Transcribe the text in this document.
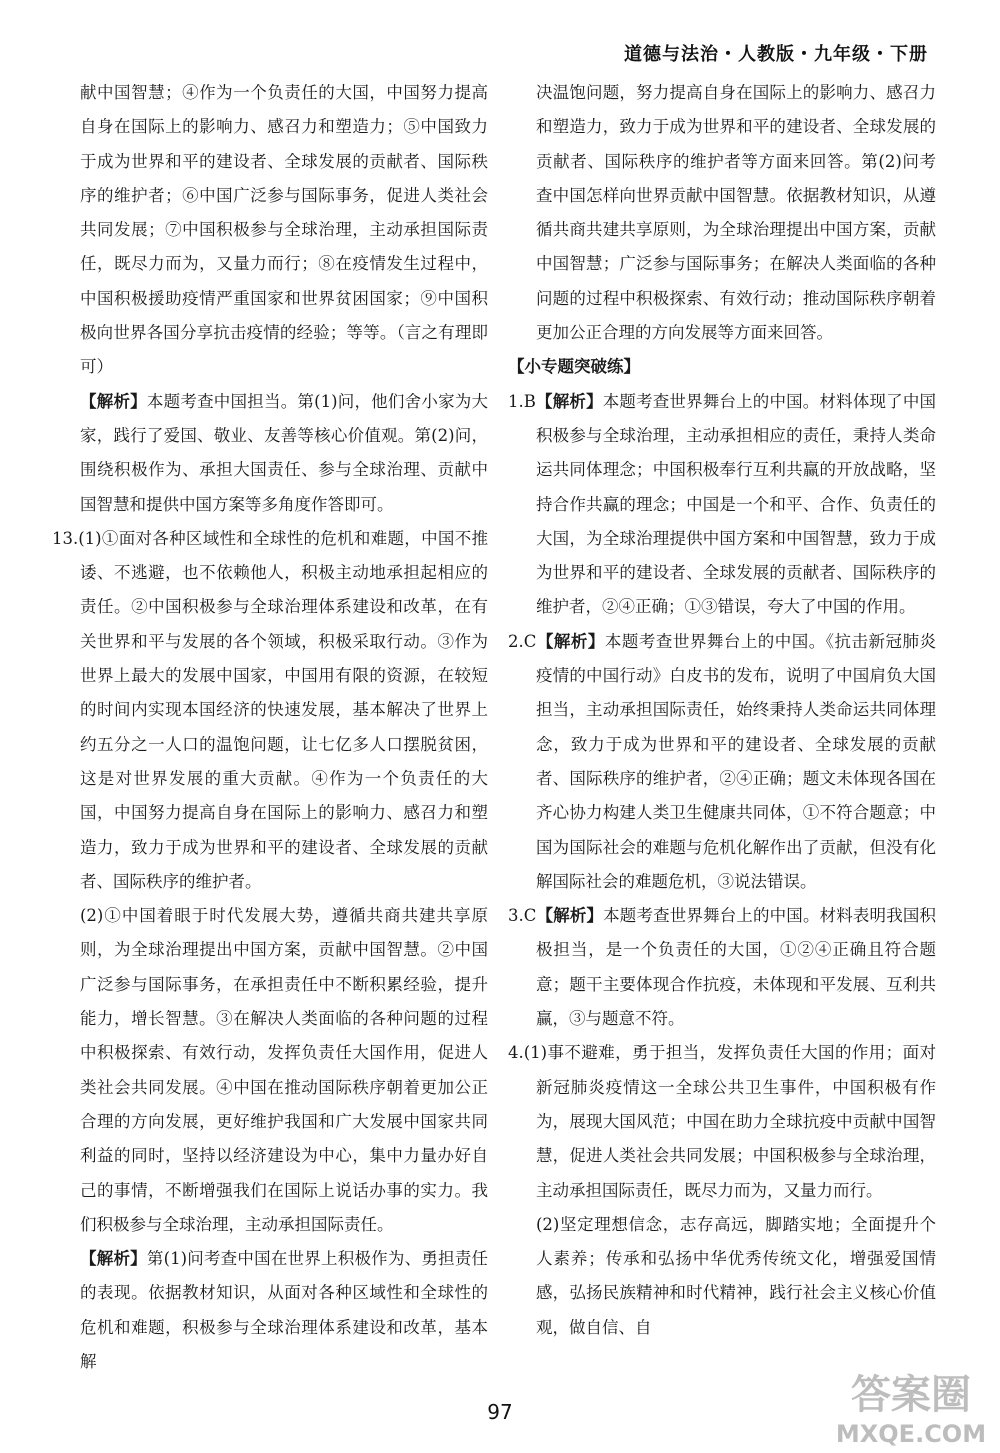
道德与法治・人教版・九年级・下册

献中国智慧；④作为一个负责任的大国，中国努力提高自身在国际上的影响力、感召力和塑造力；⑤中国致力于成为世界和平的建设者、全球发展的贡献者、国际秩序的维护者；⑥中国广泛参与国际事务，促进人类社会共同发展；⑦中国积极参与全球治理，主动承担国际责任，既尽力而为，又量力而行；⑧在疫情发生过程中，中国积极援助疫情严重国家和世界贫困国家；⑨中国积极向世界各国分享抗击疫情的经验；等等。（言之有理即可）

【解析】本题考查中国担当。第(1)问，他们舍小家为大家，践行了爱国、敬业、友善等核心价值观。第(2)问，围绕积极作为、承担大国责任、参与全球治理、贡献中国智慧和提供中国方案等多角度作答即可。

13.(1)①面对各种区域性和全球性的危机和难题，中国不推诿、不逃避，也不依赖他人，积极主动地承担起相应的责任。②中国积极参与全球治理体系建设和改革，在有关世界和平与发展的各个领域，积极采取行动。③作为世界上最大的发展中国家，中国用有限的资源，在较短的时间内实现本国经济的快速发展，基本解决了世界上约五分之一人口的温饱问题，让七亿多人口摆脱贫困，这是对世界发展的重大贡献。④作为一个负责任的大国，中国努力提高自身在国际上的影响力、感召力和塑造力，致力于成为世界和平的建设者、全球发展的贡献者、国际秩序的维护者。

(2)①中国着眼于时代发展大势，遵循共商共建共享原则，为全球治理提出中国方案，贡献中国智慧。②中国广泛参与国际事务，在承担责任中不断积累经验，提升能力，增长智慧。③在解决人类面临的各种问题的过程中积极探索、有效行动，发挥负责任大国作用，促进人类社会共同发展。④中国在推动国际秩序朝着更加公正合理的方向发展，更好维护我国和广大发展中国家共同利益的同时，坚持以经济建设为中心，集中力量办好自己的事情，不断增强我们在国际上说话办事的实力。我们积极参与全球治理，主动承担国际责任。

【解析】第(1)问考查中国在世界上积极作为、勇担责任的表现。依据教材知识，从面对各种区域性和全球性的危机和难题，积极参与全球治理体系建设和改革，基本解

决温饱问题，努力提高自身在国际上的影响力、感召力和塑造力，致力于成为世界和平的建设者、全球发展的贡献者、国际秩序的维护者等方面来回答。第(2)问考查中国怎样向世界贡献中国智慧。依据教材知识，从遵循共商共建共享原则，为全球治理提出中国方案，贡献中国智慧；广泛参与国际事务；在解决人类面临的各种问题的过程中积极探索、有效行动；推动国际秩序朝着更加公正合理的方向发展等方面来回答。

【小专题突破练】

1.B【解析】本题考查世界舞台上的中国。材料体现了中国积极参与全球治理，主动承担相应的责任，秉持人类命运共同体理念；中国积极奉行互利共赢的开放战略，坚持合作共赢的理念；中国是一个和平、合作、负责任的大国，为全球治理提供中国方案和中国智慧，致力于成为世界和平的建设者、全球发展的贡献者、国际秩序的维护者，②④正确；①③错误，夸大了中国的作用。

2.C【解析】本题考查世界舞台上的中国。《抗击新冠肺炎疫情的中国行动》白皮书的发布，说明了中国肩负大国担当，主动承担国际责任，始终秉持人类命运共同体理念，致力于成为世界和平的建设者、全球发展的贡献者、国际秩序的维护者，②④正确；题文未体现各国在齐心协力构建人类卫生健康共同体，①不符合题意；中国为国际社会的难题与危机化解作出了贡献，但没有化解国际社会的难题危机，③说法错误。

3.C【解析】本题考查世界舞台上的中国。材料表明我国积极担当，是一个负责任的大国，①②④正确且符合题意；题干主要体现合作抗疫，未体现和平发展、互利共赢，③与题意不符。

4.(1)事不避难，勇于担当，发挥负责任大国的作用；面对新冠肺炎疫情这一全球公共卫生事件，中国积极有作为，展现大国风范；中国在助力全球抗疫中贡献中国智慧，促进人类社会共同发展；中国积极参与全球治理，主动承担国际责任，既尽力而为，又量力而行。

(2)坚定理想信念，志存高远，脚踏实地；全面提升个人素养；传承和弘扬中华优秀传统文化，增强爱国情感，弘扬民族精神和时代精神，践行社会主义核心价值观，做自信、自

97	答案圈
MXQE.COM
